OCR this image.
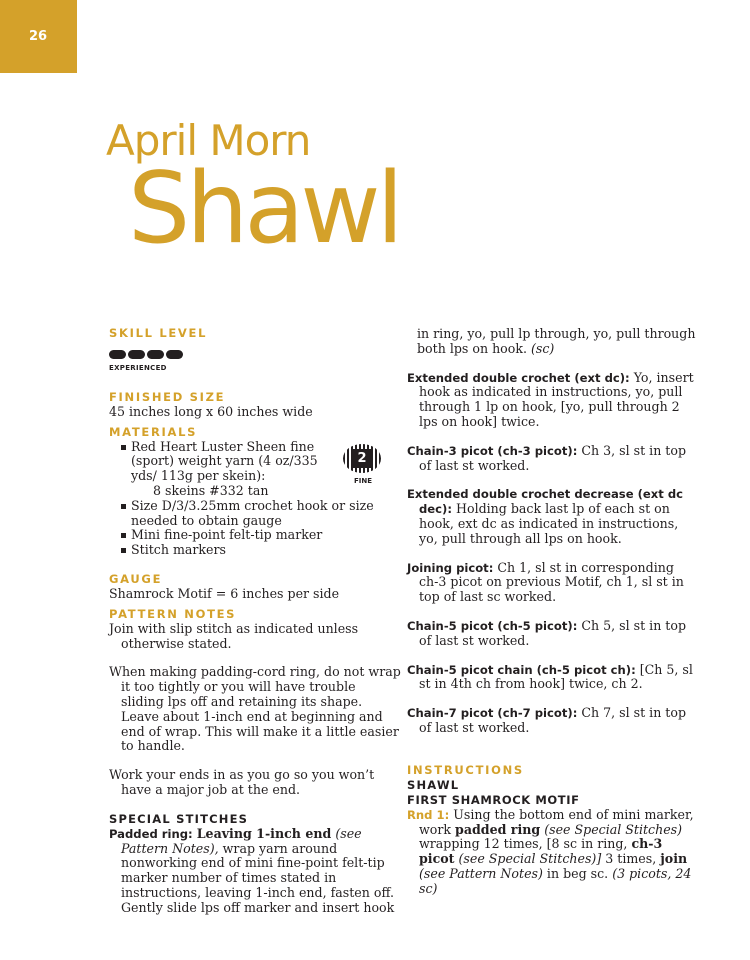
26
April Morn
Shawl
SKILL LEVEL
EXPERIENCED
FINISHED SIZE
45 inches long x 60 inches wide
MATERIALS
Red Heart Luster Sheen fine (sport) weight yarn (4 oz/335 yds/ 113g per skein):
8 skeins #332 tan
Size D/3/3.25mm crochet hook or size needed to obtain gauge
Mini fine-point felt-tip marker
Stitch markers
GAUGE
Shamrock Motif = 6 inches per side
PATTERN NOTES
Join with slip stitch as indicated unless otherwise stated.
When making padding-cord ring, do not wrap it too tightly or you will have trouble sliding lps off and retaining its shape. Leave about 1-inch end at beginning and end of wrap. This will make it a little easier to handle.
Work your ends in as you go so you won’t have a major job at the end.
SPECIAL STITCHES
Padded ring: Leaving 1-inch end (see Pattern Notes), wrap yarn around nonworking end of mini fine-point felt-tip marker number of times stated in instructions, leaving 1-inch end, fasten off. Gently slide lps off marker and insert hook
2
FINE
in ring, yo, pull lp through, yo, pull through both lps on hook. (sc)
Extended double crochet (ext dc): Yo, insert hook as indicated in instructions, yo, pull through 1 lp on hook, [yo, pull through 2 lps on hook] twice.
Chain-3 picot (ch-3 picot): Ch 3, sl st in top of last st worked.
Extended double crochet decrease (ext dc dec): Holding back last lp of each st on hook, ext dc as indicated in instructions, yo, pull through all lps on hook.
Joining picot: Ch 1, sl st in corresponding ch-3 picot on previous Motif, ch 1, sl st in top of last sc worked.
Chain-5 picot (ch-5 picot): Ch 5, sl st in top of last st worked.
Chain-5 picot chain (ch-5 picot ch): [Ch 5, sl st in 4th ch from hook] twice, ch 2.
Chain-7 picot (ch-7 picot): Ch 7, sl st in top of last st worked.
INSTRUCTIONS
SHAWL
FIRST SHAMROCK MOTIF
Rnd 1: Using the bottom end of mini marker, work padded ring (see Special Stitches) wrapping 12 times, [8 sc in ring, ch-3 picot (see Special Stitches)] 3 times, join (see Pattern Notes) in beg sc. (3 picots, 24 sc)
